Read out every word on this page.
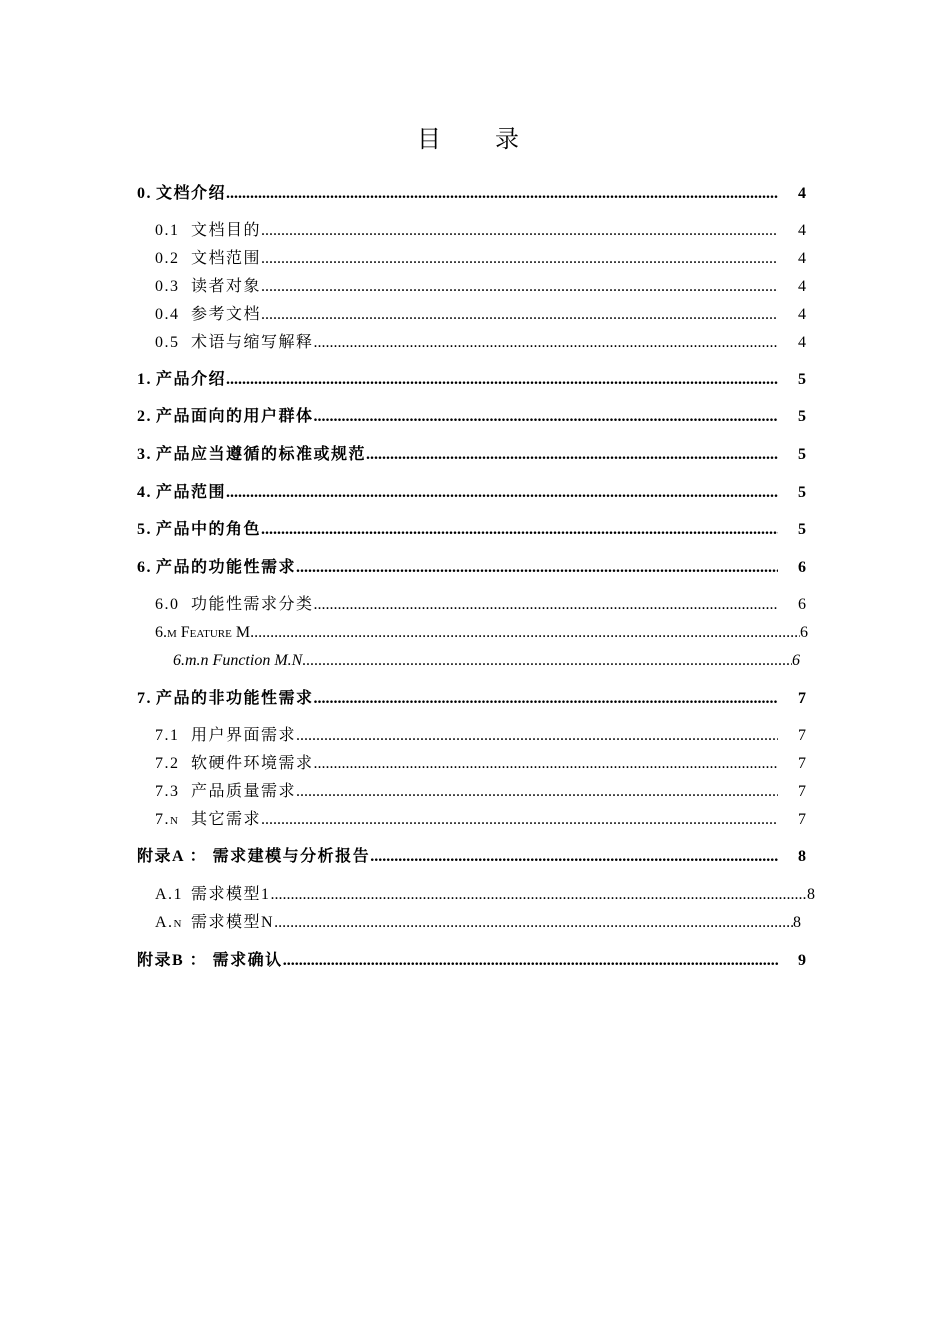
目 录
0. 文档介绍 .....	4
0.1 文档目的 .....	4
0.2 文档范围 .....	4
0.3 读者对象 .....	4
0.4 参考文档 .....	4
0.5 术语与缩写解释 .....	4
1. 产品介绍 .....	5
2. 产品面向的用户群体 .....	5
3. 产品应当遵循的标准或规范 .....	5
4. 产品范围 .....	5
5. 产品中的角色 .....	5
6. 产品的功能性需求 .....	6
6.0 功能性需求分类 .....	6
6.m Feature M .....	6
6.m.n Function M.N .....	6
7. 产品的非功能性需求 .....	7
7.1 用户界面需求 .....	7
7.2 软硬件环境需求 .....	7
7.3 产品质量需求 .....	7
7.n 其它需求 .....	7
附录A ： 需求建模与分析报告 .....	8
A.1 需求模型1 .....	8
A.n 需求模型N .....	8
附录B ： 需求确认 .....	9
